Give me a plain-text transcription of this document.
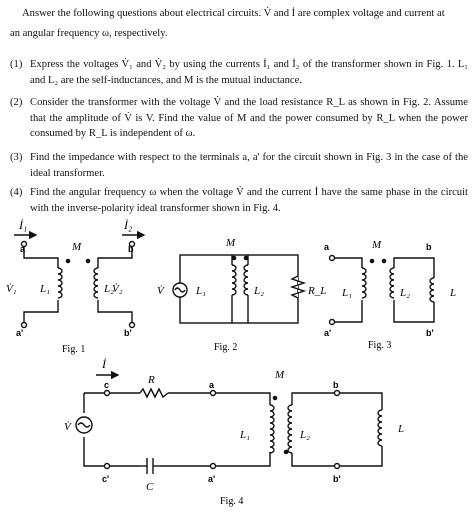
Answer the following questions about electrical circuits. V̇ and İ are complex voltage and current at
an angular frequency ω, respectively.
(1) Express the voltages V̇₁ and V̇₂ by using the currents İ₁ and İ₂ of the transformer shown in Fig. 1. L₁ and L₂ are the self-inductances, and M is the mutual inductance.
(2) Consider the transformer with the voltage V̇ and the load resistance R_L as shown in Fig. 2. Assume that the amplitude of V̇ is V. Find the value of M and the power consumed by R_L when the power consumed by R_L is independent of ω.
(3) Find the impedance with respect to the terminals a, a' for the circuit shown in Fig. 3 in the case of the ideal transformer.
(4) Find the angular frequency ω when the voltage V̇ and the current İ have the same phase in the circuit with the inverse-polarity ideal transformer shown in Fig. 4.
İ₁	İ₂
a	b
M
V̇₁	V̇₂
L₁	L₂
a'	b'
Fig. 1
M
V̇	L₁	L₂	R_L
Fig. 2
a	b
M
L₁	L₂	L
a'	b'
Fig. 3
İ
c	R	a
M
b
V̇
L₁	L₂	L
c'
C
a'	b'
Fig. 4
